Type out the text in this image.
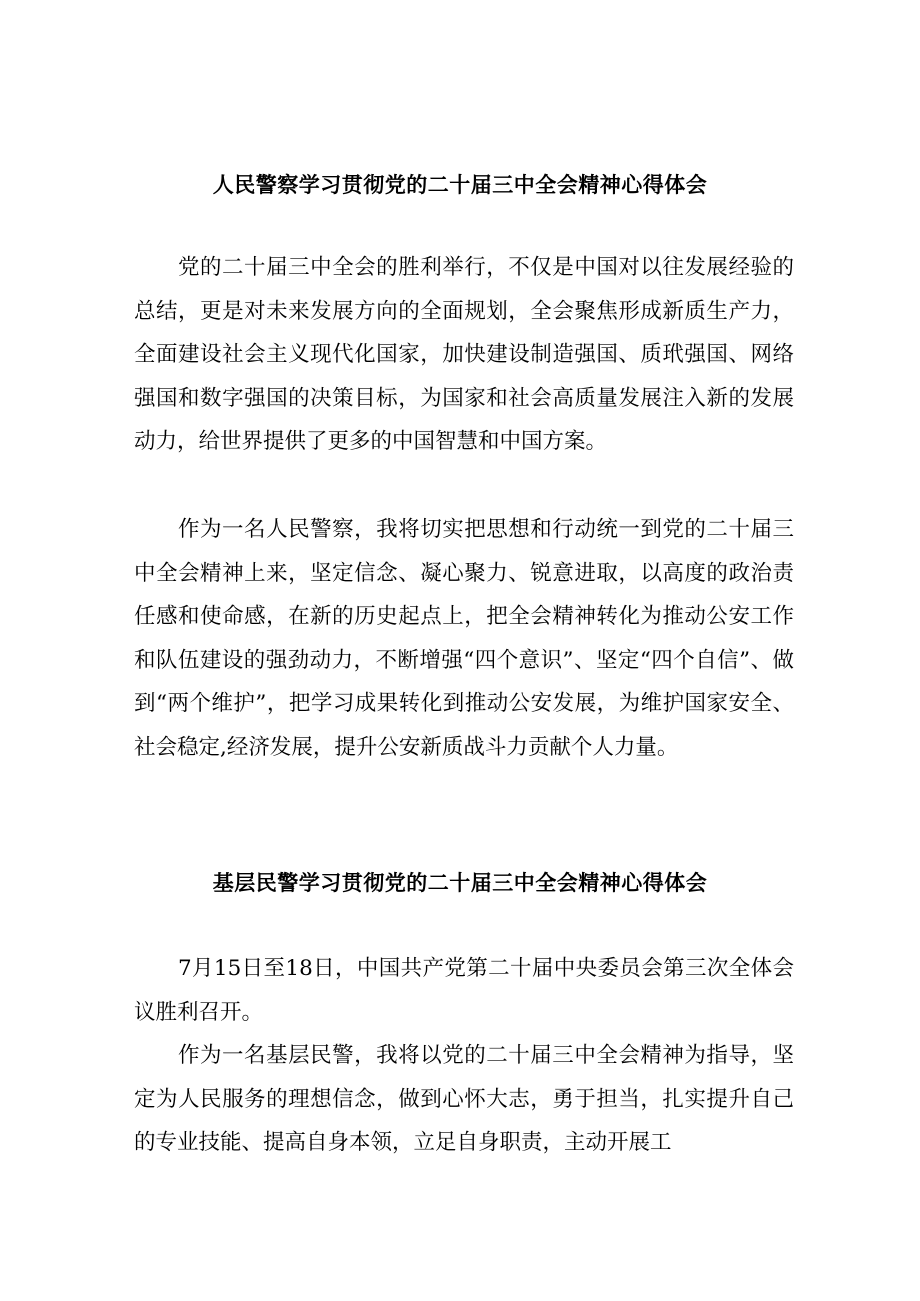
人民警察学习贯彻党的二十届三中全会精神心得体会

党的二十届三中全会的胜利举行，不仅是中国对以往发展经验的总结，更是对未来发展方向的全面规划，全会聚焦形成新质生产力，全面建设社会主义现代化国家，加快建设制造强国、质玳强国、网络强国和数字强国的决策目标，为国家和社会高质量发展注入新的发展动力，给世界提供了更多的中国智慧和中国方案。

作为一名人民警察，我将切实把思想和行动统一到党的二十届三中全会精神上来，坚定信念、凝心聚力、锐意进取，以高度的政治责任感和使命感，在新的历史起点上，把全会精神转化为推动公安工作和队伍建设的强劲动力，不断增强“四个意识”、坚定“四个自信”、做到“两个维护”，把学习成果转化到推动公安发展，为维护国家安全、社会稳定,经济发展，提升公安新质战斗力贡献个人力量。

基层民警学习贯彻党的二十届三中全会精神心得体会

7月15日至18日，中国共产党第二十届中央委员会第三次全体会议胜利召开。

作为一名基层民警，我将以党的二十届三中全会精神为指导，坚定为人民服务的理想信念，做到心怀大志，勇于担当，扎实提升自己的专业技能、提高自身本领，立足自身职责，主动开展工
